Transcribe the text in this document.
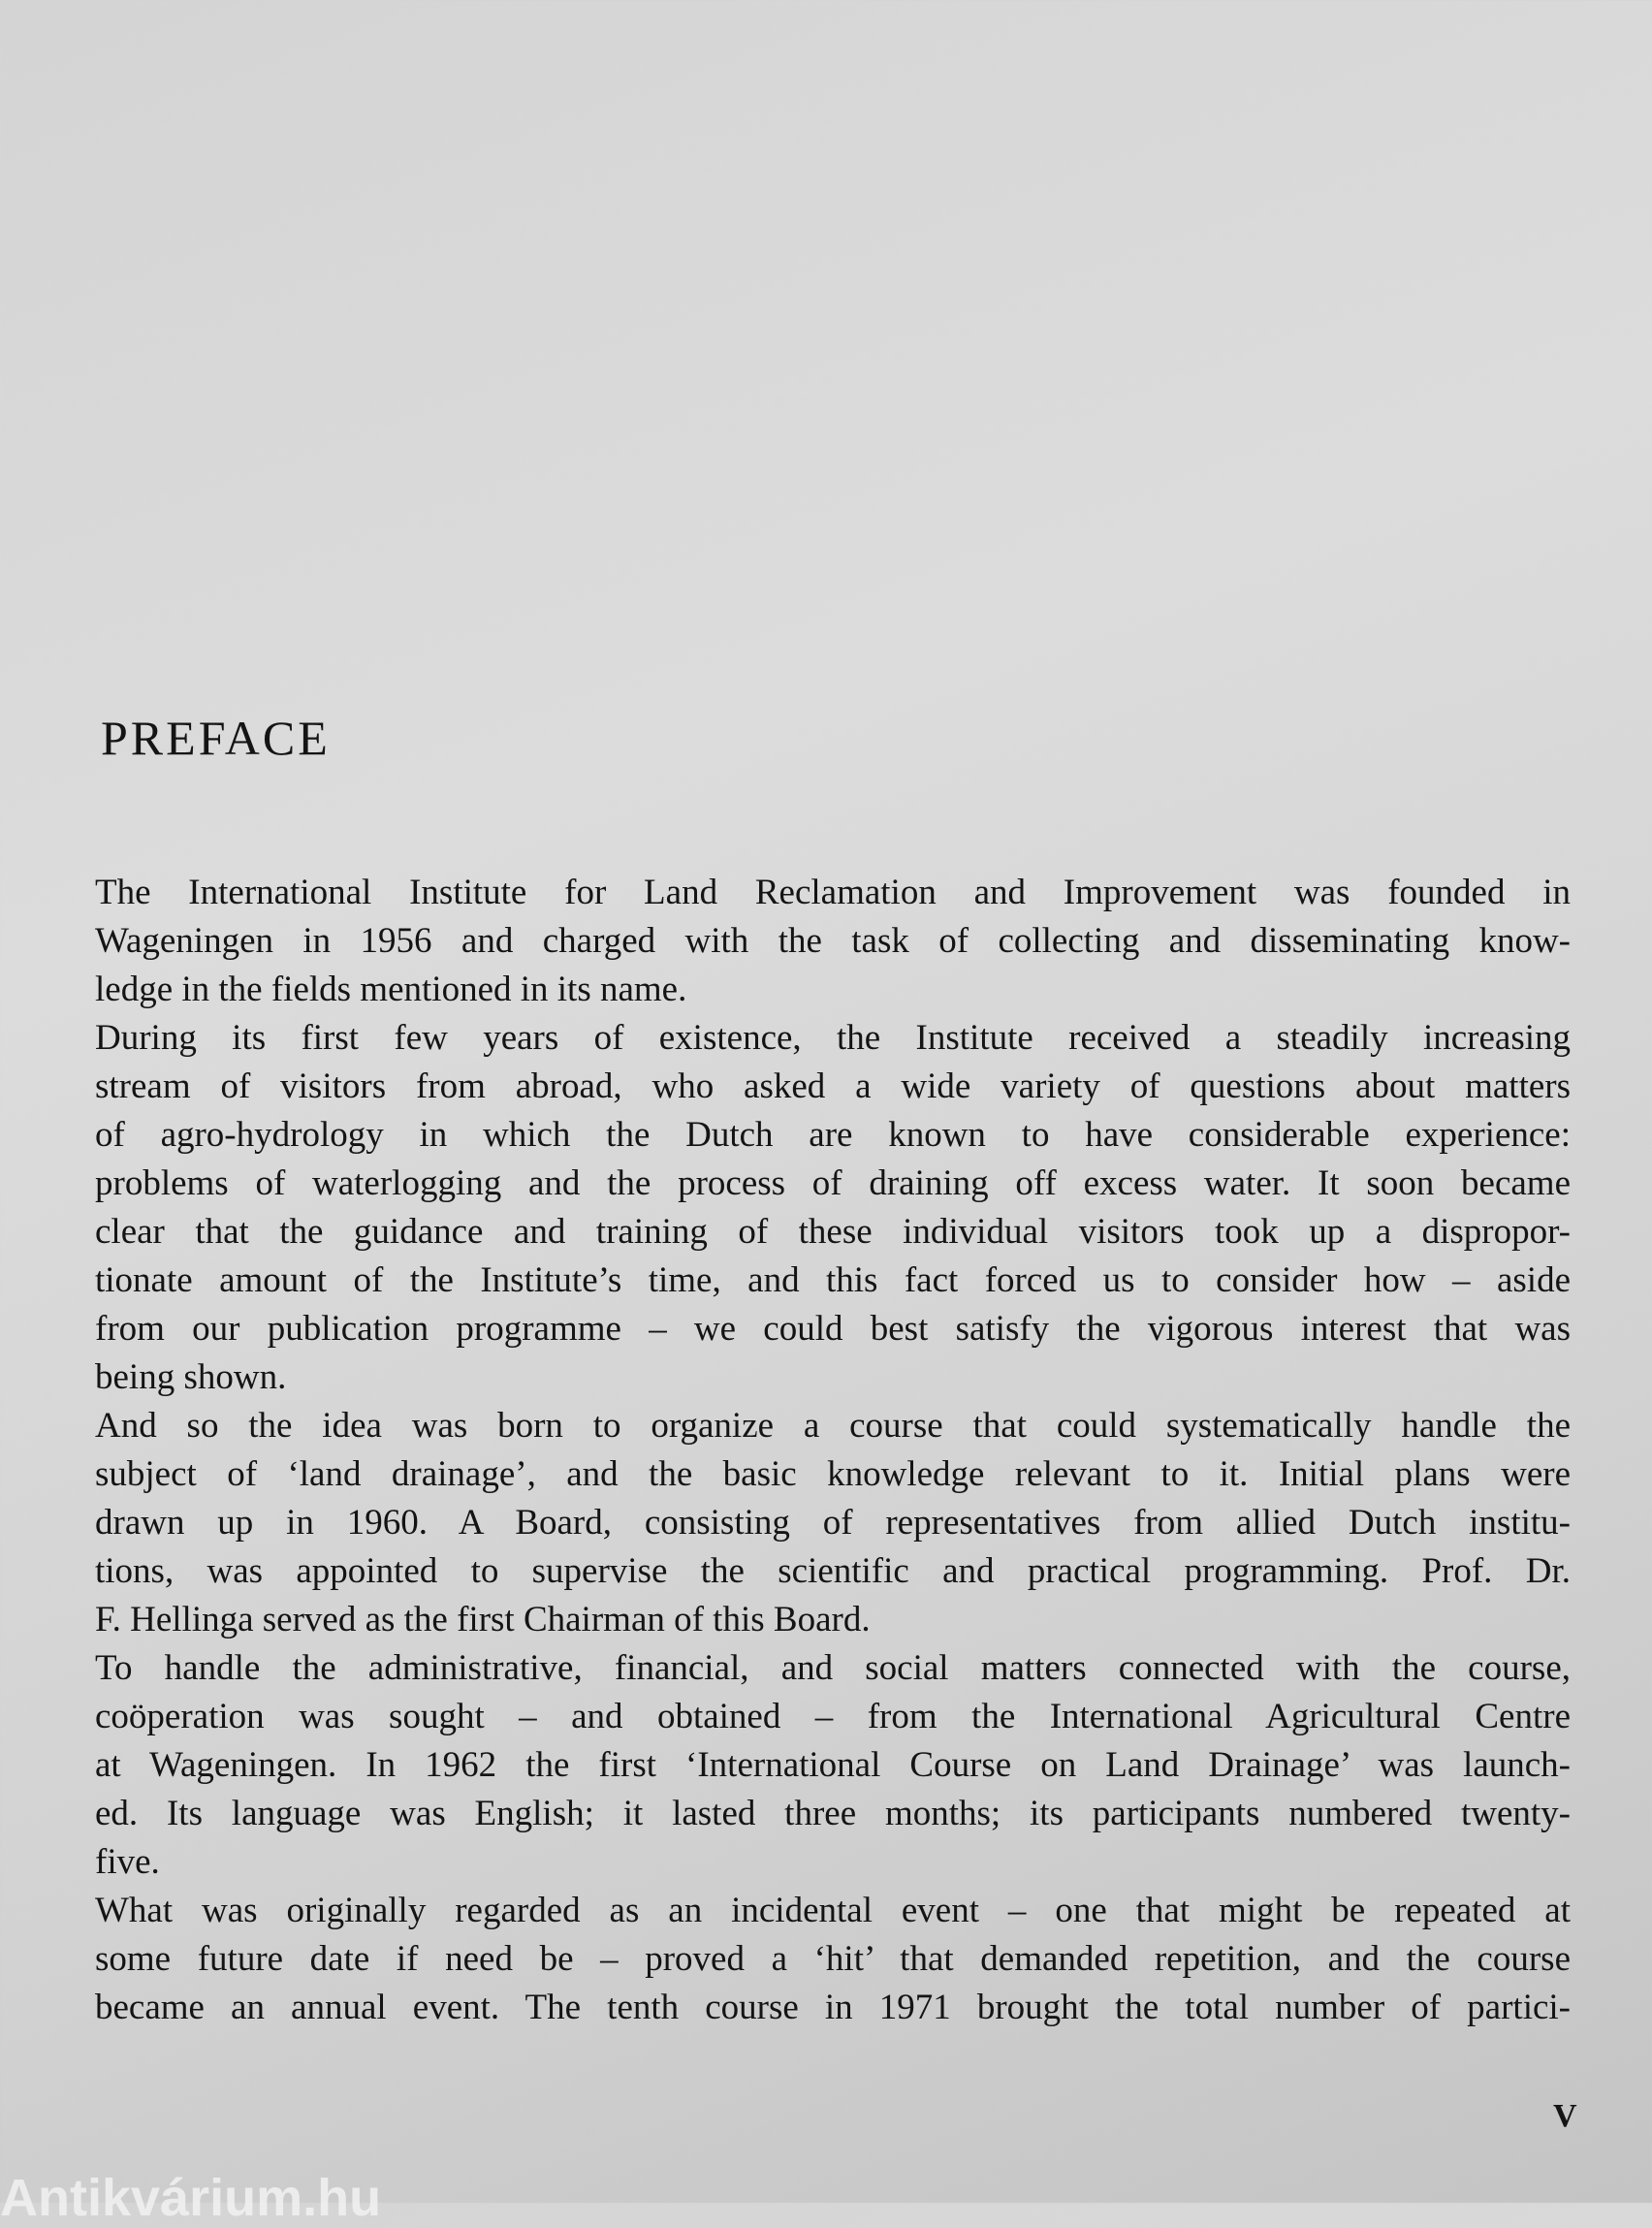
PREFACE
The International Institute for Land Reclamation and Improvement was founded in
Wageningen in 1956 and charged with the task of collecting and disseminating know-
ledge in the fields mentioned in its name.
During its first few years of existence, the Institute received a steadily increasing
stream of visitors from abroad, who asked a wide variety of questions about matters
of agro-hydrology in which the Dutch are known to have considerable experience:
problems of waterlogging and the process of draining off excess water. It soon became
clear that the guidance and training of these individual visitors took up a dispropor-
tionate amount of the Institute’s time, and this fact forced us to consider how – aside
from our publication programme – we could best satisfy the vigorous interest that was
being shown.
And so the idea was born to organize a course that could systematically handle the
subject of ‘land drainage’, and the basic knowledge relevant to it. Initial plans were
drawn up in 1960. A Board, consisting of representatives from allied Dutch institu-
tions, was appointed to supervise the scientific and practical programming. Prof. Dr.
F. Hellinga served as the first Chairman of this Board.
To handle the administrative, financial, and social matters connected with the course,
coöperation was sought – and obtained – from the International Agricultural Centre
at Wageningen. In 1962 the first ‘International Course on Land Drainage’ was launch-
ed. Its language was English; it lasted three months; its participants numbered twenty-
five.
What was originally regarded as an incidental event – one that might be repeated at
some future date if need be – proved a ‘hit’ that demanded repetition, and the course
became an annual event. The tenth course in 1971 brought the total number of partici-
V
Antikvárium.hu
